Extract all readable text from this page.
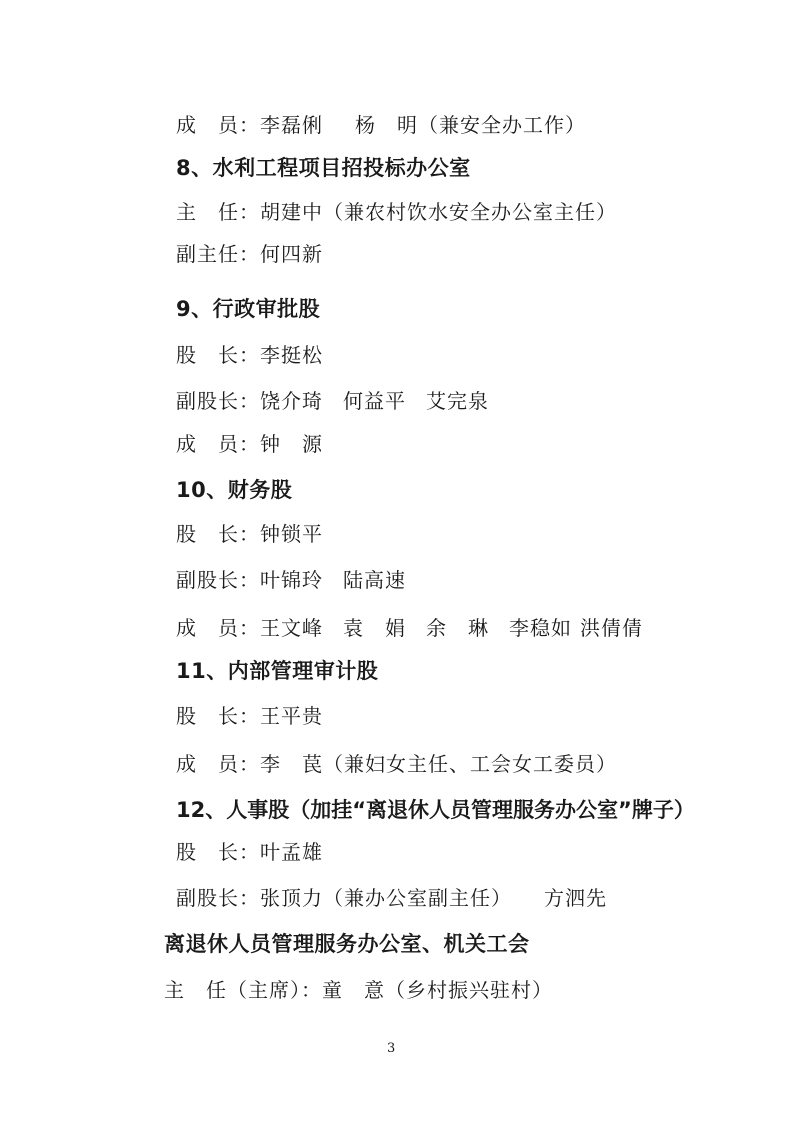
成　员：李磊俐 杨　明（兼安全办工作）
8、水利工程项目招投标办公室
主　任：胡建中（兼农村饮水安全办公室主任）
副主任：何四新
9、行政审批股
股　长：李挺松
副股长：饶介琦 何益平 艾完泉
成　员：钟　源
10、财务股
股　长：钟锁平
副股长：叶锦玲 陆高速
成　员：王文峰 袁　娟 余　琳 李稳如 洪倩倩
11、内部管理审计股
股　长：王平贵
成　员：李　苠（兼妇女主任、工会女工委员）
12、人事股（加挂“离退休人员管理服务办公室”牌子）
股　长：叶孟雄
副股长：张顶力（兼办公室副主任） 方泗先
离退休人员管理服务办公室、机关工会
主　任（主席）：童　意（乡村振兴驻村）
3
